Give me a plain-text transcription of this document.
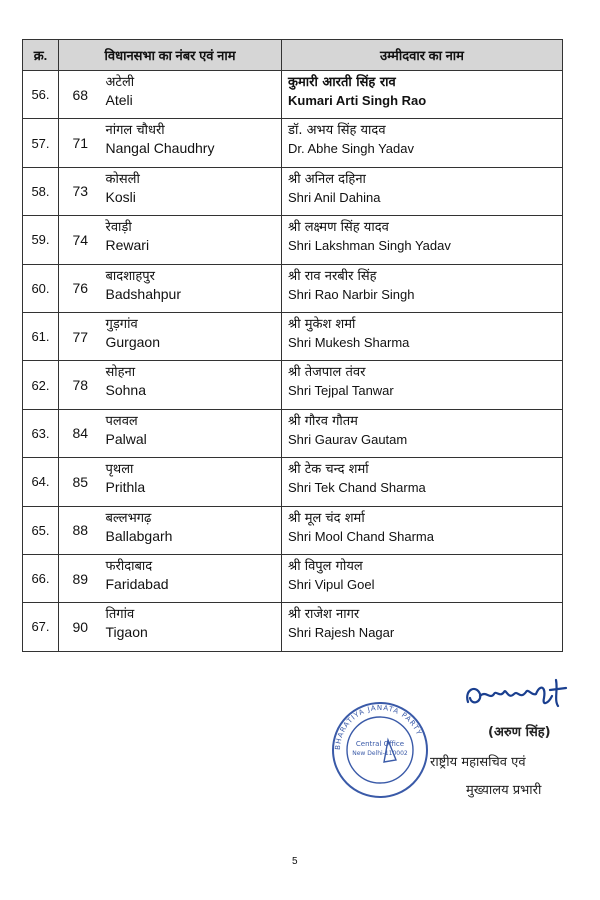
क्र.	विधानसभा का नंबर एवं नाम		उम्मीदवार का नाम
56.	68	अटेली
Ateli	कुमारी आरती सिंह राव
Kumari Arti Singh Rao

57.	71	नांगल चौधरी
Nangal Chaudhry	डॉ. अभय सिंह यादव
Dr. Abhe Singh Yadav

58.	73	कोसली
Kosli	श्री अनिल दहिना
Shri Anil Dahina

59.	74	रेवाड़ी
Rewari	श्री लक्ष्मण सिंह यादव
Shri Lakshman Singh Yadav

60.	76	बादशाहपुर
Badshahpur	श्री राव नरबीर सिंह
Shri Rao Narbir Singh

61.	77	गुड़गांव
Gurgaon	श्री मुकेश शर्मा
Shri Mukesh Sharma

62.	78	सोहना
Sohna	श्री तेजपाल तंवर
Shri Tejpal Tanwar

63.	84	पलवल
Palwal	श्री गौरव गौतम
Shri Gaurav Gautam

64.	85	पृथला
Prithla	श्री टेक चन्द शर्मा
Shri Tek Chand Sharma

65.	88	बल्लभगढ़
Ballabgarh	श्री मूल चंद शर्मा
Shri Mool Chand Sharma

66.	89	फरीदाबाद
Faridabad	श्री विपुल गोयल
Shri Vipul Goel

67.	90	तिगांव
Tigaon	श्री राजेश नागर
Shri Rajesh Nagar
BHARATIYA JANATA PARTY
Central Office
New Delhi-110002
(अरुण सिंह)
राष्ट्रीय महासचिव एवं
मुख्यालय प्रभारी
5
